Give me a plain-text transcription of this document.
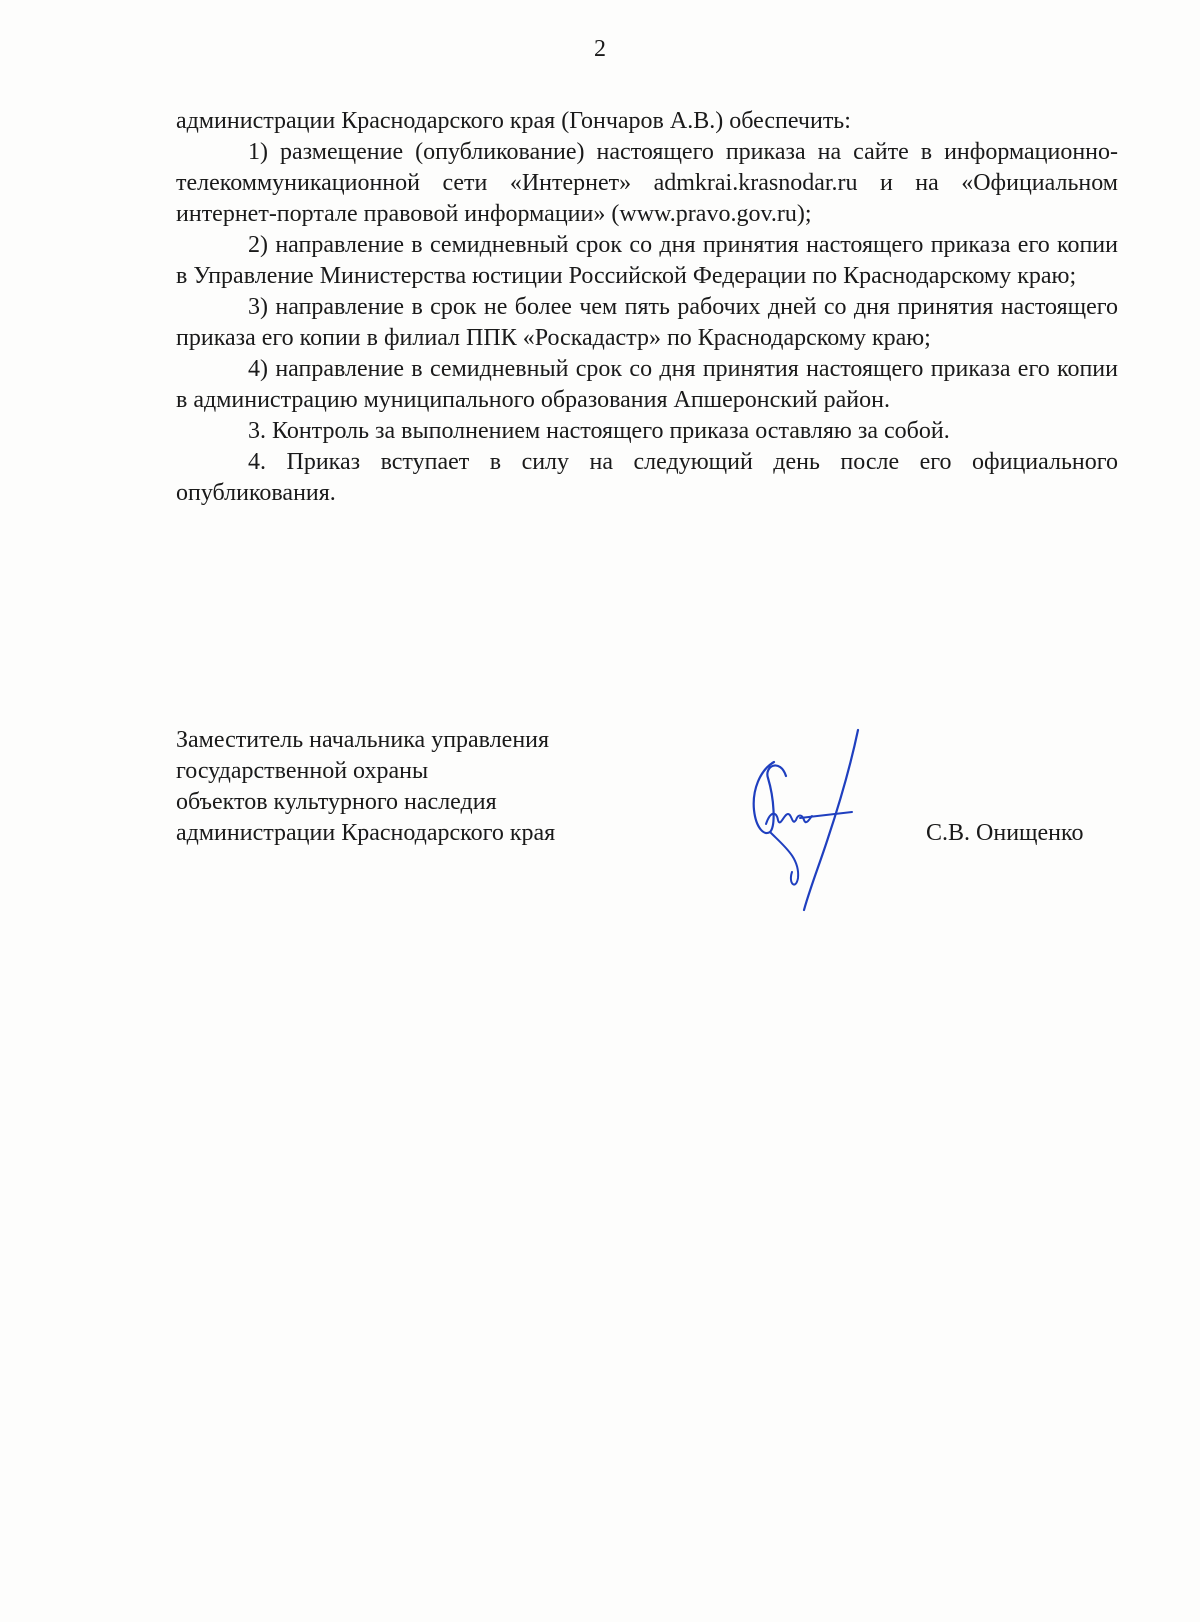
2

администрации Краснодарского края (Гончаров А.В.) обеспечить:

1) размещение (опубликование) настоящего приказа на сайте в информационно-телекоммуникационной сети «Интернет» admkrai.krasnodar.ru и на «Официальном интернет-портале правовой информации» (www.pravo.gov.ru);

2) направление в семидневный срок со дня принятия настоящего приказа его копии в Управление Министерства юстиции Российской Федерации по Краснодарскому краю;

3) направление в срок не более чем пять рабочих дней со дня принятия настоящего приказа его копии в филиал ППК «Роскадастр» по Краснодарскому краю;

4) направление в семидневный срок со дня принятия настоящего приказа его копии в администрацию муниципального образования Апшеронский район.

3. Контроль за выполнением настоящего приказа оставляю за собой.

4. Приказ вступает в силу на следующий день после его официального опубликования.

Заместитель начальника управления
государственной охраны
объектов культурного наследия
администрации Краснодарского края	С.В. Онищенко
